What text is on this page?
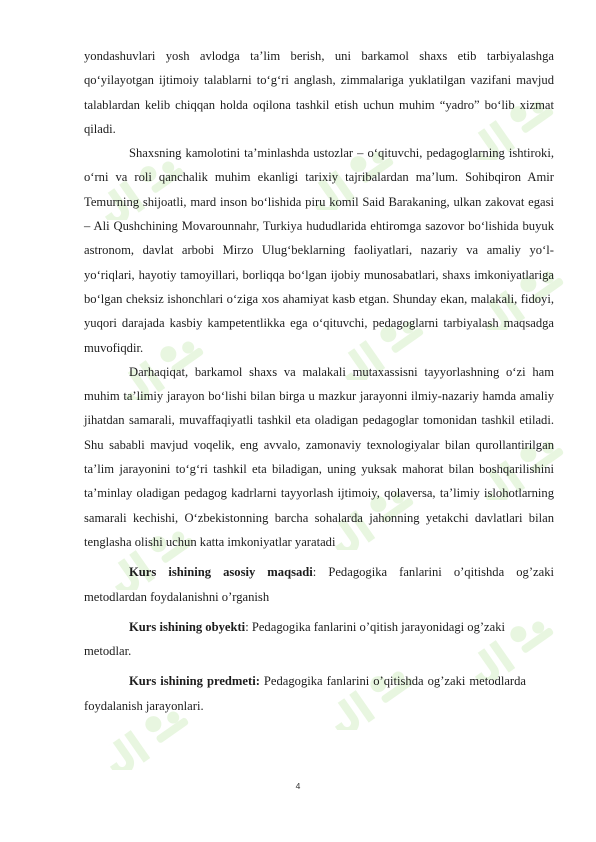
yondashuvlari yosh avlodga ta’lim berish, uni barkamol shaxs etib tarbiyalashga qo‘yilayotgan ijtimoiy talablarni to‘g‘ri anglash, zimmalariga yuklatilgan vazifani mavjud talablardan kelib chiqqan holda oqilona tashkil etish uchun muhim “yadro” bo‘lib xizmat qiladi.

Shaxsning kamolotini ta’minlashda ustozlar – o‘qituvchi, pedagoglarning ishtiroki, o‘rni va roli qanchalik muhim ekanligi tarixiy tajribalardan ma’lum. Sohibqiron Amir Temurning shijoatli, mard inson bo‘lishida piru komil Said Barakaning, ulkan zakovat egasi – Ali Qushchining Movarounnahr, Turkiya hududlarida ehtiromga sazovor bo‘lishida buyuk astronom, davlat arbobi Mirzo Ulug‘beklarning faoliyatlari, nazariy va amaliy yo‘l-yo‘riqlari, hayotiy tamoyillari, borliqqa bo‘lgan ijobiy munosabatlari, shaxs imkoniyatlariga bo‘lgan cheksiz ishonchlari o‘ziga xos ahamiyat kasb etgan. Shunday ekan, malakali, fidoyi, yuqori darajada kasbiy kampetentlikka ega o‘qituvchi, pedagoglarni tarbiyalash maqsadga muvofiqdir.

Darhaqiqat, barkamol shaxs va malakali mutaxassisni tayyorlashning o‘zi ham muhim ta’limiy jarayon bo‘lishi bilan birga u mazkur jarayonni ilmiy-nazariy hamda amaliy jihatdan samarali, muvaffaqiyatli tashkil eta oladigan pedagoglar tomonidan tashkil etiladi. Shu sababli mavjud voqelik, eng avvalo, zamonaviy texnologiyalar bilan qurollantirilgan ta’lim jarayonini to‘g‘ri tashkil eta biladigan, uning yuksak mahorat bilan boshqarilishini ta’minlay oladigan pedagog kadrlarni tayyorlash ijtimoiy, qolaversa, ta’limiy islohotlarning samarali kechishi, O‘zbekistonning barcha sohalarda jahonning yetakchi davlatlari bilan tenglasha olishi uchun katta imkoniyatlar yaratadi

Kurs ishining asosiy maqsadi: Pedagogika fanlarini o’qitishda og’zaki metodlardan foydalanishni o’rganish

Kurs ishining obyekti: Pedagogika fanlarini o’qitish jarayonidagi og’zaki metodlar.

Kurs ishining predmeti: Pedagogika fanlarini o’qitishda og’zaki metodlarda foydalanish jarayonlari.

4
